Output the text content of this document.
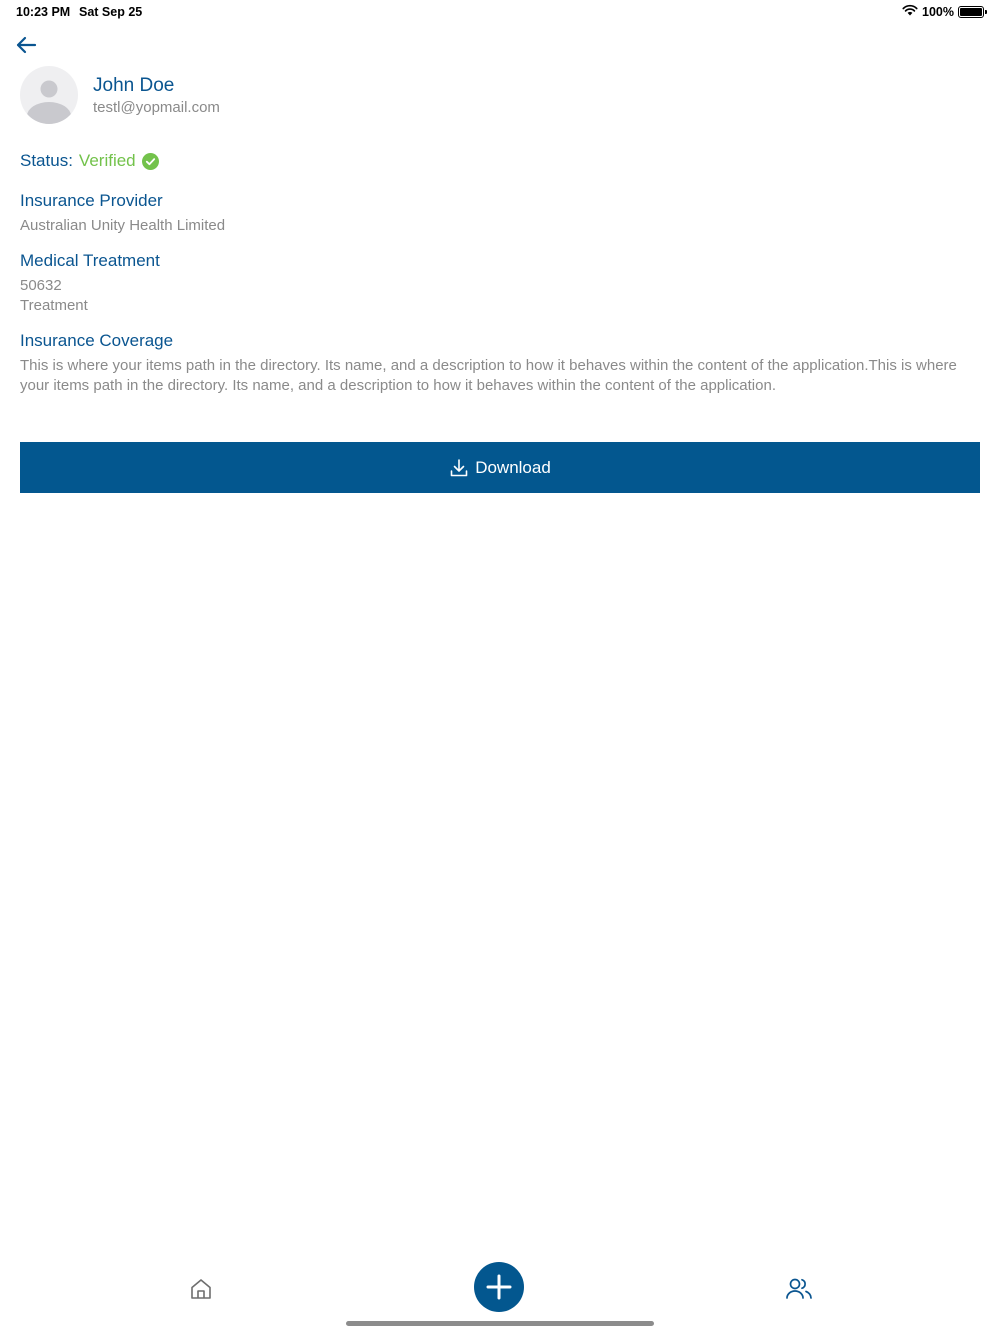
10:23 PM Sat Sep 25	100%
John Doe
testl@yopmail.com
Status: Verified
Insurance Provider
Australian Unity Health Limited
Medical Treatment
50632
Treatment
Insurance Coverage
This is where your items path in the directory. Its name, and a description to how it behaves within the content of the application.This is where your items path in the directory. Its name, and a description to how it behaves within the content of the application.
Download
